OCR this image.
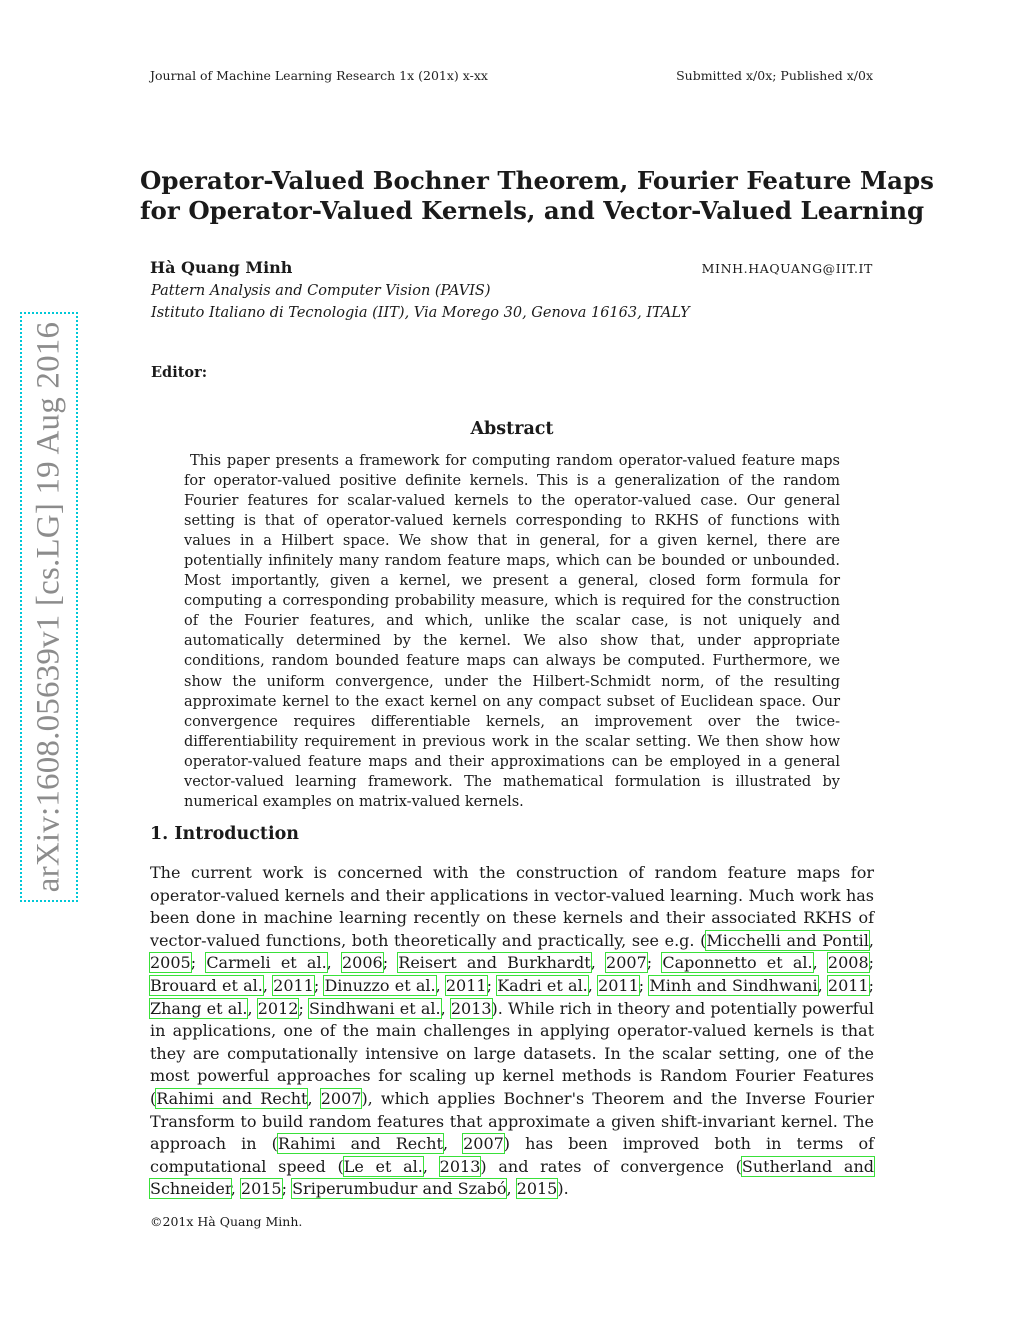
Journal of Machine Learning Research 1x (201x) x-xx	Submitted x/0x; Published x/0x
arXiv:1608.05639v1 [cs.LG] 19 Aug 2016
Operator-Valued Bochner Theorem, Fourier Feature Maps
for Operator-Valued Kernels, and Vector-Valued Learning
Hà Quang Minh	MINH.HAQUANG@IIT.IT
Pattern Analysis and Computer Vision (PAVIS)
Istituto Italiano di Tecnologia (IIT), Via Morego 30, Genova 16163, ITALY
Editor:
Abstract
This paper presents a framework for computing random operator-valued feature maps for operator-valued positive definite kernels. This is a generalization of the random Fourier features for scalar-valued kernels to the operator-valued case. Our general setting is that of operator-valued kernels corresponding to RKHS of functions with values in a Hilbert space. We show that in general, for a given kernel, there are potentially infinitely many random feature maps, which can be bounded or unbounded. Most importantly, given a kernel, we present a general, closed form formula for computing a corresponding probability measure, which is required for the construction of the Fourier features, and which, unlike the scalar case, is not uniquely and automatically determined by the kernel. We also show that, under appropriate conditions, random bounded feature maps can always be computed. Furthermore, we show the uniform convergence, under the Hilbert-Schmidt norm, of the resulting approximate kernel to the exact kernel on any compact subset of Euclidean space. Our convergence requires differentiable kernels, an improvement over the twice-differentiability requirement in previous work in the scalar setting. We then show how operator-valued feature maps and their approximations can be employed in a general vector-valued learning framework. The mathematical formulation is illustrated by numerical examples on matrix-valued kernels.
1. Introduction
The current work is concerned with the construction of random feature maps for operator-valued kernels and their applications in vector-valued learning. Much work has been done in machine learning recently on these kernels and their associated RKHS of vector-valued functions, both theoretically and practically, see e.g. (Micchelli and Pontil, 2005; Carmeli et al., 2006; Reisert and Burkhardt, 2007; Caponnetto et al., 2008; Brouard et al., 2011; Dinuzzo et al., 2011; Kadri et al., 2011; Minh and Sindhwani, 2011; Zhang et al., 2012; Sindhwani et al., 2013). While rich in theory and potentially powerful in applications, one of the main challenges in applying operator-valued kernels is that they are computationally intensive on large datasets. In the scalar setting, one of the most powerful approaches for scaling up kernel methods is Random Fourier Features (Rahimi and Recht, 2007), which applies Bochner's Theorem and the Inverse Fourier Transform to build random features that approximate a given shift-invariant kernel. The approach in (Rahimi and Recht, 2007) has been improved both in terms of computational speed (Le et al., 2013) and rates of convergence (Sutherland and Schneider, 2015; Sriperumbudur and Szabó, 2015).
©201x Hà Quang Minh.
